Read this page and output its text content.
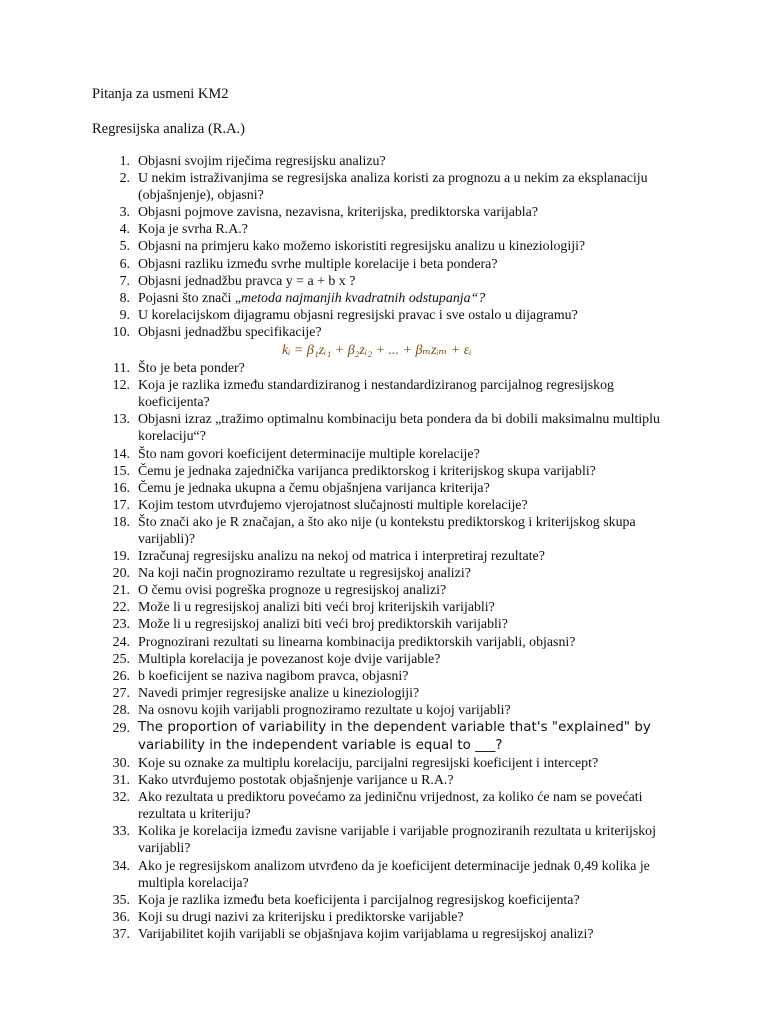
Pitanja za usmeni KM2
Regresijska analiza (R.A.)
1. Objasni svojim riječima regresijsku analizu?
2. U nekim istraživanjima se regresijska analiza koristi za prognozu a u nekim za eksplanaciju (objašnjenje), objasni?
3. Objasni pojmove zavisna, nezavisna, kriterijska, prediktorska varijabla?
4. Koja je svrha R.A.?
5. Objasni na primjeru kako možemo iskoristiti regresijsku analizu u kineziologiji?
6. Objasni razliku između svrhe multiple korelacije i beta pondera?
7. Objasni jednadžbu pravca y = a + b x ?
8. Pojasni što znači „metoda najmanjih kvadratnih odstupanja“?
9. U korelacijskom dijagramu objasni regresijski pravac i sve ostalo u dijagramu?
10. Objasni jednadžbu specifikacije?
kᵢ = β₁zᵢ₁ + β₂zᵢ₂ + ... + βₘzᵢₘ + εᵢ
11. Što je beta ponder?
12. Koja je razlika između standardiziranog i nestandardiziranog parcijalnog regresijskog koeficijenta?
13. Objasni izraz „tražimo optimalnu kombinaciju beta pondera da bi dobili maksimalnu multiplu korelaciju“?
14. Što nam govori koeficijent determinacije multiple korelacije?
15. Čemu je jednaka zajednička varijanca prediktorskog i kriterijskog skupa varijabli?
16. Čemu je jednaka ukupna a čemu objašnjena varijanca kriterija?
17. Kojim testom utvrđujemo vjerojatnost slučajnosti multiple korelacije?
18. Što znači ako je R značajan, a što ako nije (u kontekstu prediktorskog i kriterijskog skupa varijabli)?
19. Izračunaj regresijsku analizu na nekoj od matrica i interpretiraj rezultate?
20. Na koji način prognoziramo rezultate u regresijskoj analizi?
21. O čemu ovisi pogreška prognoze u regresijskoj analizi?
22. Može li u regresijskoj analizi biti veći broj kriterijskih varijabli?
23. Može li u regresijskoj analizi biti veći broj prediktorskih varijabli?
24. Prognozirani rezultati su linearna kombinacija prediktorskih varijabli, objasni?
25. Multipla korelacija je povezanost koje dvije varijable?
26. b koeficijent se naziva nagibom pravca, objasni?
27. Navedi primjer regresijske analize u kineziologiji?
28. Na osnovu kojih varijabli prognoziramo rezultate u kojoj varijabli?
29. The proportion of variability in the dependent variable that's "explained" by variability in the independent variable is equal to ___?
30. Koje su oznake za multiplu korelaciju, parcijalni regresijski koeficijent i intercept?
31. Kako utvrđujemo postotak objašnjenje varijance u R.A.?
32. Ako rezultata u prediktoru povećamo za jediničnu vrijednost, za koliko će nam se povećati rezultata u kriteriju?
33. Kolika je korelacija između zavisne varijable i varijable prognoziranih rezultata u kriterijskoj varijabli?
34. Ako je regresijskom analizom utvrđeno da je koeficijent determinacije jednak 0,49 kolika je multipla korelacija?
35. Koja je razlika između beta koeficijenta i parcijalnog regresijskog koeficijenta?
36. Koji su drugi nazivi za kriterijsku i prediktorske varijable?
37. Varijabilitet kojih varijabli se objašnjava kojim varijablama u regresijskoj analizi?
